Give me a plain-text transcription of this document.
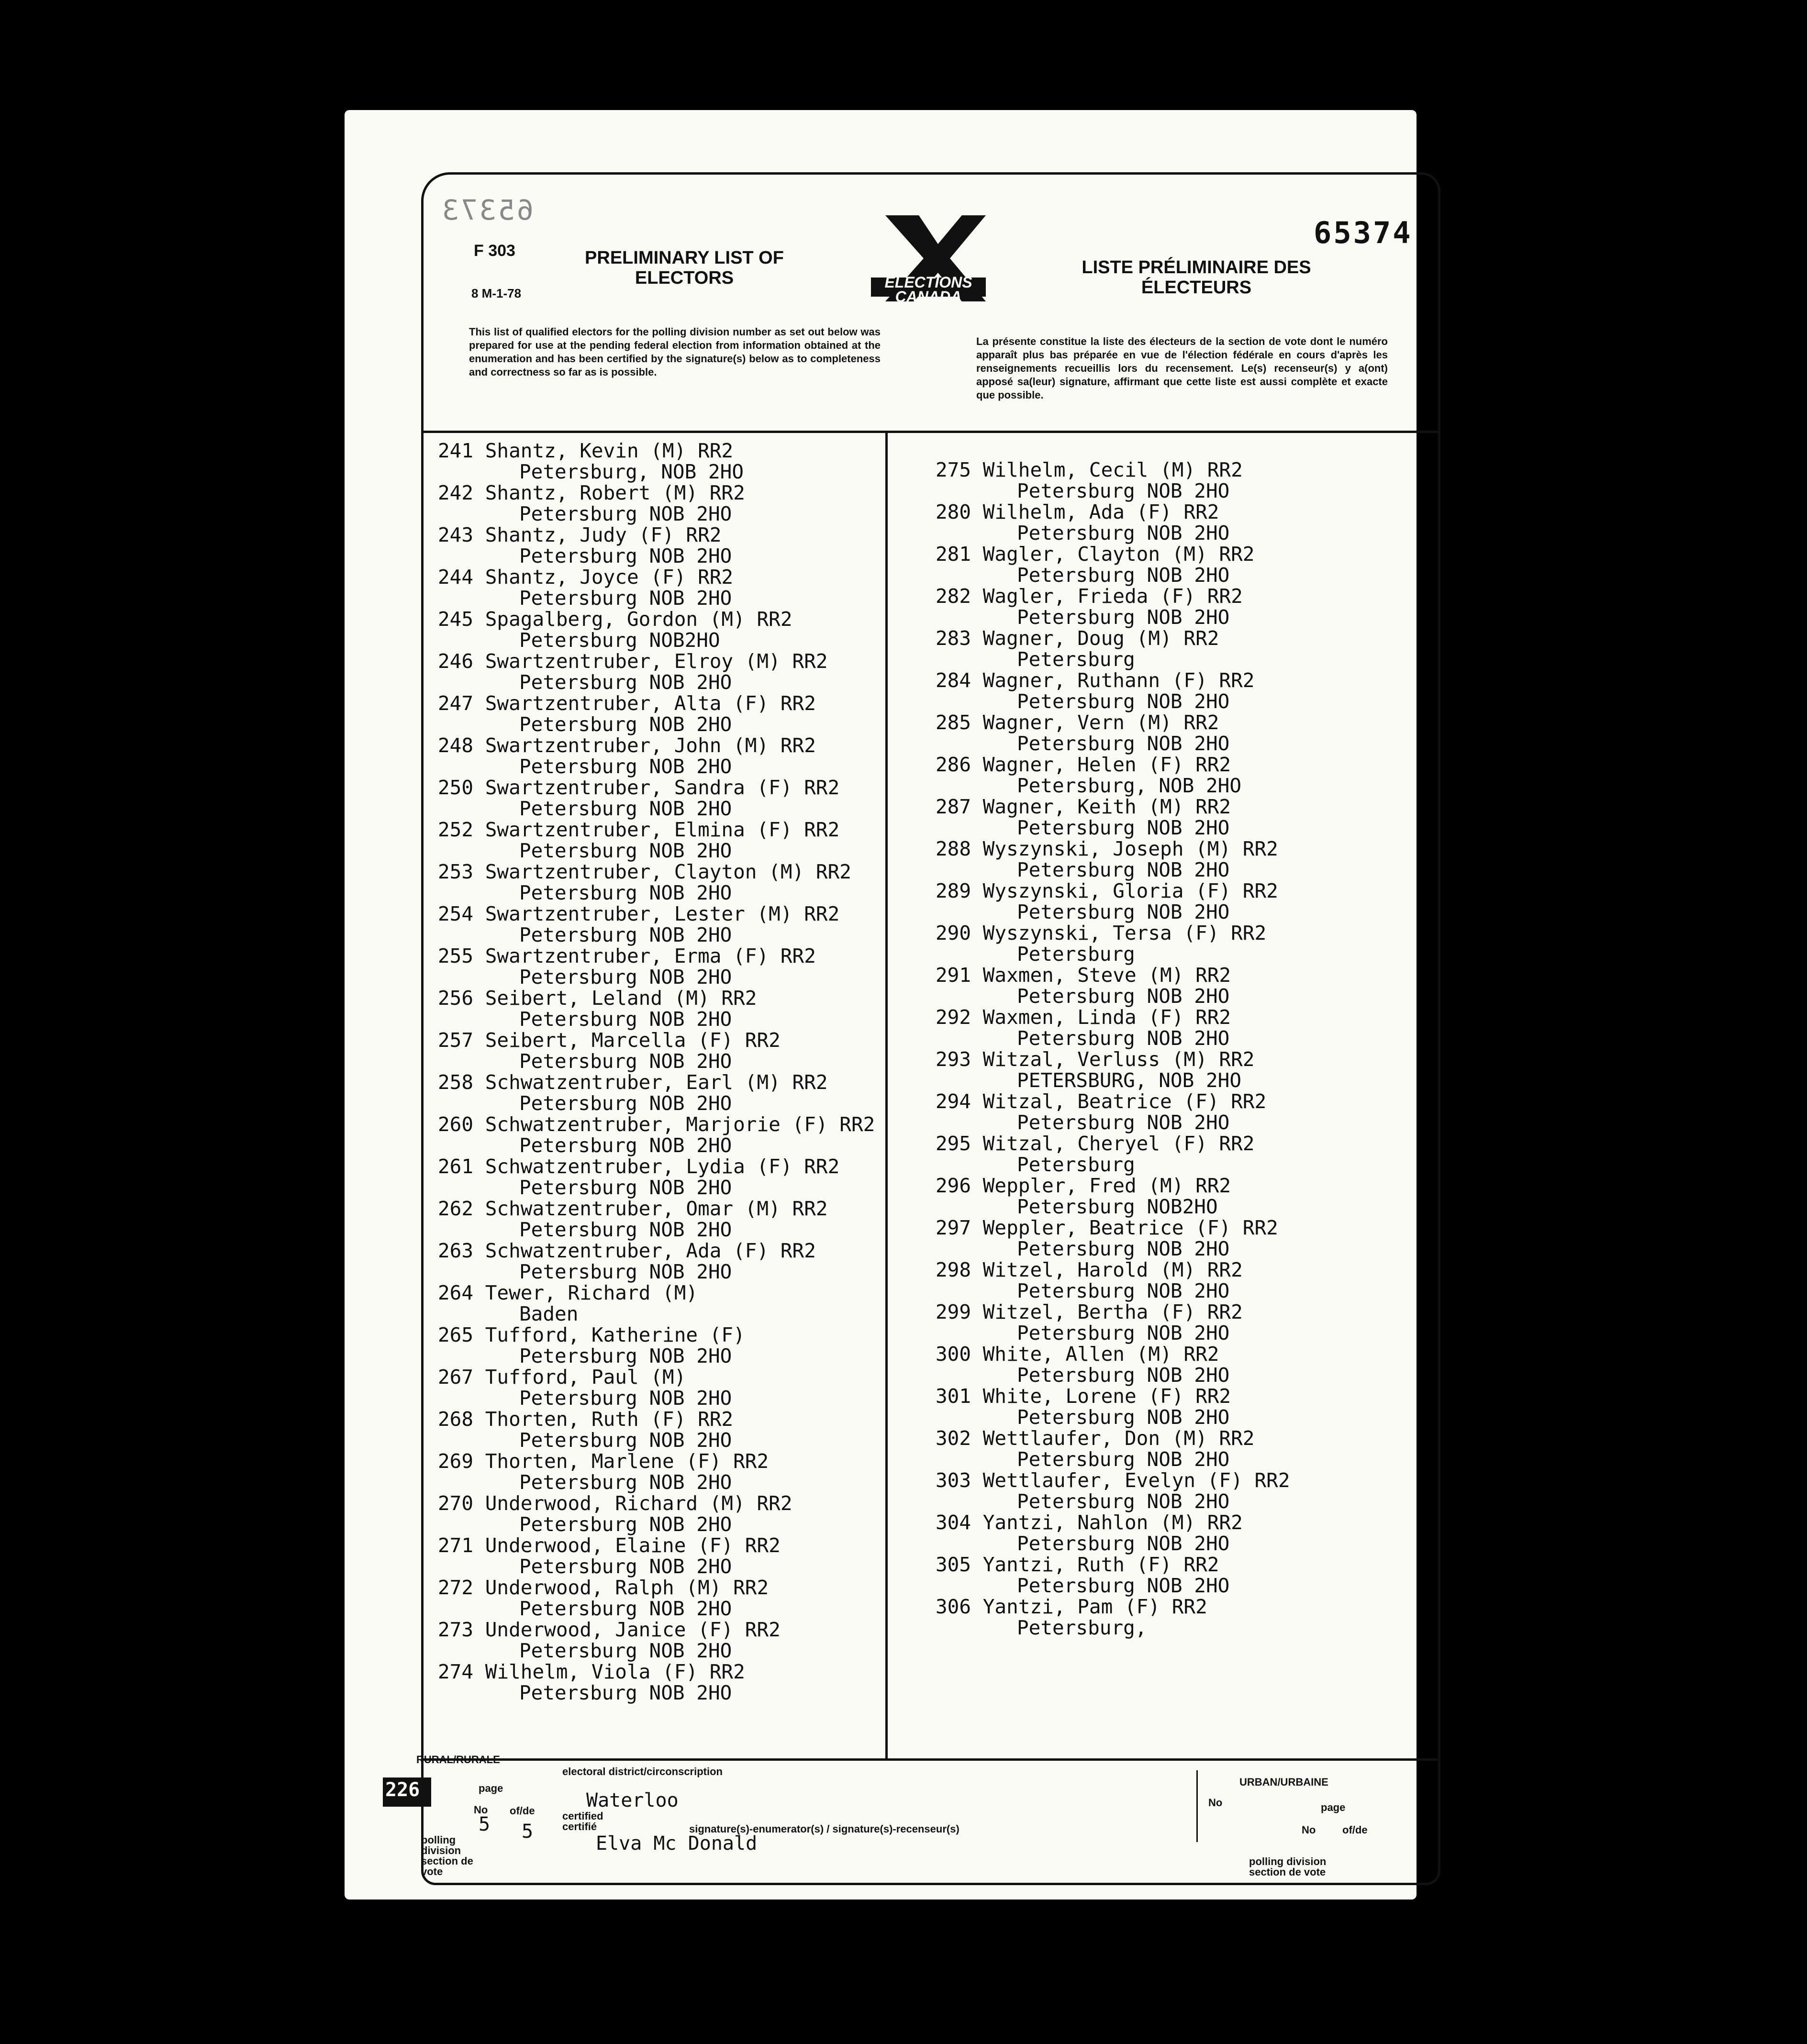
65373
65374
F 303
8 M-1-78
PRELIMINARY LIST OF ELECTORS
LISTE PRÉLIMINAIRE DES ÉLECTEURS
ELECTIONS CANADA
This list of qualified electors for the polling division number as set out below was prepared for use at the pending federal election from information obtained at the enumeration and has been certified by the signature(s) below as to completeness and correctness so far as is possible.
La présente constitue la liste des électeurs de la section de vote dont le numéro apparaît plus bas préparée en vue de l'élection fédérale en cours d'après les renseignements recueillis lors du recensement. Le(s) recenseur(s) y a(ont) apposé sa(leur) signature, affirmant que cette liste est aussi complète et exacte que possible.
241 Shantz, Kevin (M) RR2
Petersburg, NOB 2HO
242 Shantz, Robert (M) RR2
Petersburg NOB 2HO
243 Shantz, Judy (F) RR2
Petersburg NOB 2HO
244 Shantz, Joyce (F) RR2
Petersburg NOB 2HO
245 Spagalberg, Gordon (M) RR2
Petersburg NOB2HO
246 Swartzentruber, Elroy (M) RR2
Petersburg NOB 2HO
247 Swartzentruber, Alta (F) RR2
Petersburg NOB 2HO
248 Swartzentruber, John (M) RR2
Petersburg NOB 2HO
250 Swartzentruber, Sandra (F) RR2
Petersburg NOB 2HO
252 Swartzentruber, Elmina (F) RR2
Petersburg NOB 2HO
253 Swartzentruber, Clayton (M) RR2
Petersburg NOB 2HO
254 Swartzentruber, Lester (M) RR2
Petersburg NOB 2HO
255 Swartzentruber, Erma (F) RR2
Petersburg NOB 2HO
256 Seibert, Leland (M) RR2
Petersburg NOB 2HO
257 Seibert, Marcella (F) RR2
Petersburg NOB 2HO
258 Schwatzentruber, Earl (M) RR2
Petersburg NOB 2HO
260 Schwatzentruber, Marjorie (F) RR2
Petersburg NOB 2HO
261 Schwatzentruber, Lydia (F) RR2
Petersburg NOB 2HO
262 Schwatzentruber, Omar (M) RR2
Petersburg NOB 2HO
263 Schwatzentruber, Ada (F) RR2
Petersburg NOB 2HO
264 Tewer, Richard (M)
Baden
265 Tufford, Katherine (F)
Petersburg NOB 2HO
267 Tufford, Paul (M)
Petersburg NOB 2HO
268 Thorten, Ruth (F) RR2
Petersburg NOB 2HO
269 Thorten, Marlene (F) RR2
Petersburg NOB 2HO
270 Underwood, Richard (M) RR2
Petersburg NOB 2HO
271 Underwood, Elaine (F) RR2
Petersburg NOB 2HO
272 Underwood, Ralph (M) RR2
Petersburg NOB 2HO
273 Underwood, Janice (F) RR2
Petersburg NOB 2HO
274 Wilhelm, Viola (F) RR2
Petersburg NOB 2HO
275 Wilhelm, Cecil (M) RR2
Petersburg NOB 2HO
280 Wilhelm, Ada (F) RR2
Petersburg NOB 2HO
281 Wagler, Clayton (M) RR2
Petersburg NOB 2HO
282 Wagler, Frieda (F) RR2
Petersburg NOB 2HO
283 Wagner, Doug (M) RR2
Petersburg
284 Wagner, Ruthann (F) RR2
Petersburg NOB 2HO
285 Wagner, Vern (M) RR2
Petersburg NOB 2HO
286 Wagner, Helen (F) RR2
Petersburg, NOB 2HO
287 Wagner, Keith (M) RR2
Petersburg NOB 2HO
288 Wyszynski, Joseph (M) RR2
Petersburg NOB 2HO
289 Wyszynski, Gloria (F) RR2
Petersburg NOB 2HO
290 Wyszynski, Tersa (F) RR2
Petersburg
291 Waxmen, Steve (M) RR2
Petersburg NOB 2HO
292 Waxmen, Linda (F) RR2
Petersburg NOB 2HO
293 Witzal, Verluss (M) RR2
PETERSBURG, NOB 2HO
294 Witzal, Beatrice (F) RR2
Petersburg NOB 2HO
295 Witzal, Cheryel (F) RR2
Petersburg
296 Weppler, Fred (M) RR2
Petersburg NOB2HO
297 Weppler, Beatrice (F) RR2
Petersburg NOB 2HO
298 Witzel, Harold (M) RR2
Petersburg NOB 2HO
299 Witzel, Bertha (F) RR2
Petersburg NOB 2HO
300 White, Allen (M) RR2
Petersburg NOB 2HO
301 White, Lorene (F) RR2
Petersburg NOB 2HO
302 Wettlaufer, Don (M) RR2
Petersburg NOB 2HO
303 Wettlaufer, Evelyn (F) RR2
Petersburg NOB 2HO
304 Yantzi, Nahlon (M) RR2
Petersburg NOB 2HO
305 Yantzi, Ruth (F) RR2
Petersburg NOB 2HO
306 Yantzi, Pam (F) RR2
Petersburg,
RURAL/RURALE
226	page
No
5
of/de
5
polling division section de vote
electoral district/circonscription
Waterloo
certified certifié	signature(s)-enumerator(s) / signature(s)-recenseur(s)
Elva Mc Donald
URBAN/URBAINE
No	page
No	of/de
polling division section de vote
